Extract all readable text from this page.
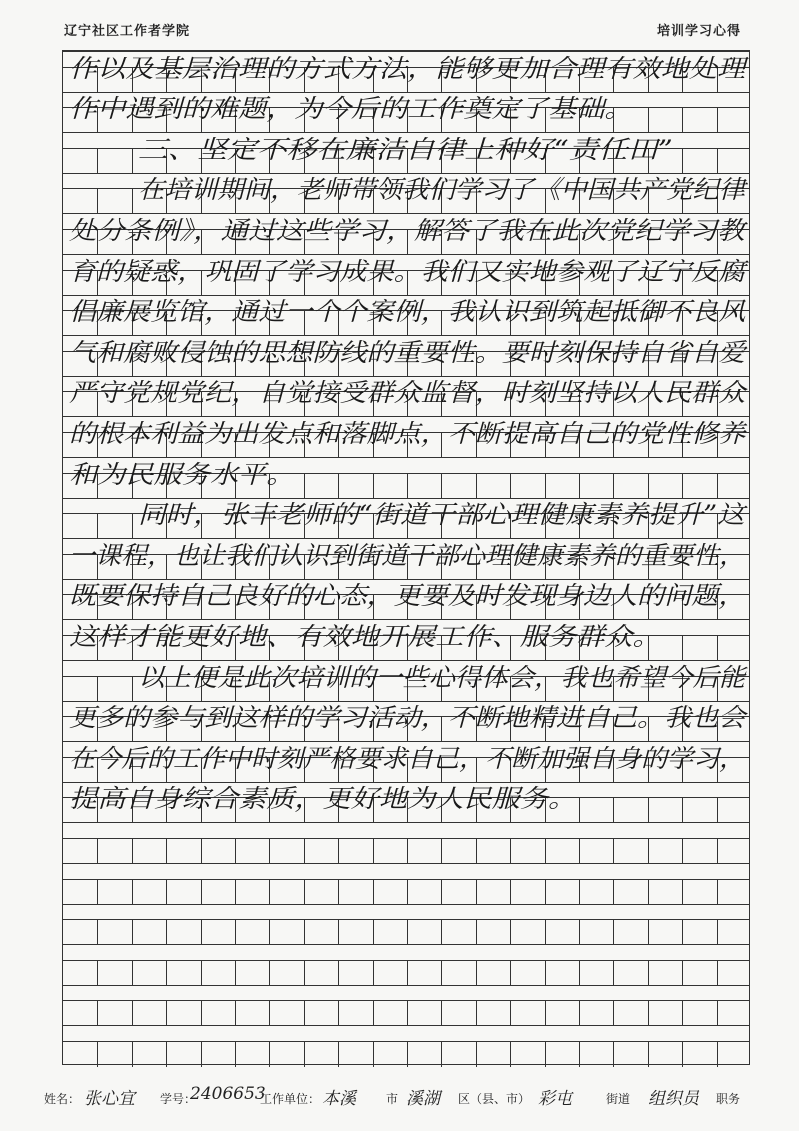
辽宁社区工作者学院	培训学习心得
作以及基层治理的方式方法，能够更加合理有效地处理
作中遇到的难题，为今后的工作奠定了基础。
三、坚定不移在廉洁自律上种好“责任田”
在培训期间，老师带领我们学习了《中国共产党纪律
处分条例》，通过这些学习，解答了我在此次党纪学习教
育的疑惑，巩固了学习成果。我们又实地参观了辽宁反腐
倡廉展览馆，通过一个个案例，我认识到筑起抵御不良风
气和腐败侵蚀的思想防线的重要性。要时刻保持自省自爱
严守党规党纪，自觉接受群众监督，时刻坚持以人民群众
的根本利益为出发点和落脚点，不断提高自己的党性修养
和为民服务水平。
同时，张丰老师的“街道干部心理健康素养提升”这
一课程，也让我们认识到街道干部心理健康素养的重要性，
既要保持自己良好的心态，更要及时发现身边人的问题，
这样才能更好地、有效地开展工作、服务群众。
以上便是此次培训的一些心得体会，我也希望今后能
更多的参与到这样的学习活动，不断地精进自己。我也会
在今后的工作中时刻严格要求自己，不断加强自身的学习，
提高自身综合素质，更好地为人民服务。
姓名： 张心宜 学号：
2406653
工作单位： 本溪	市 溪湖 区（县、市） 彩屯	街道 组织员 职务
